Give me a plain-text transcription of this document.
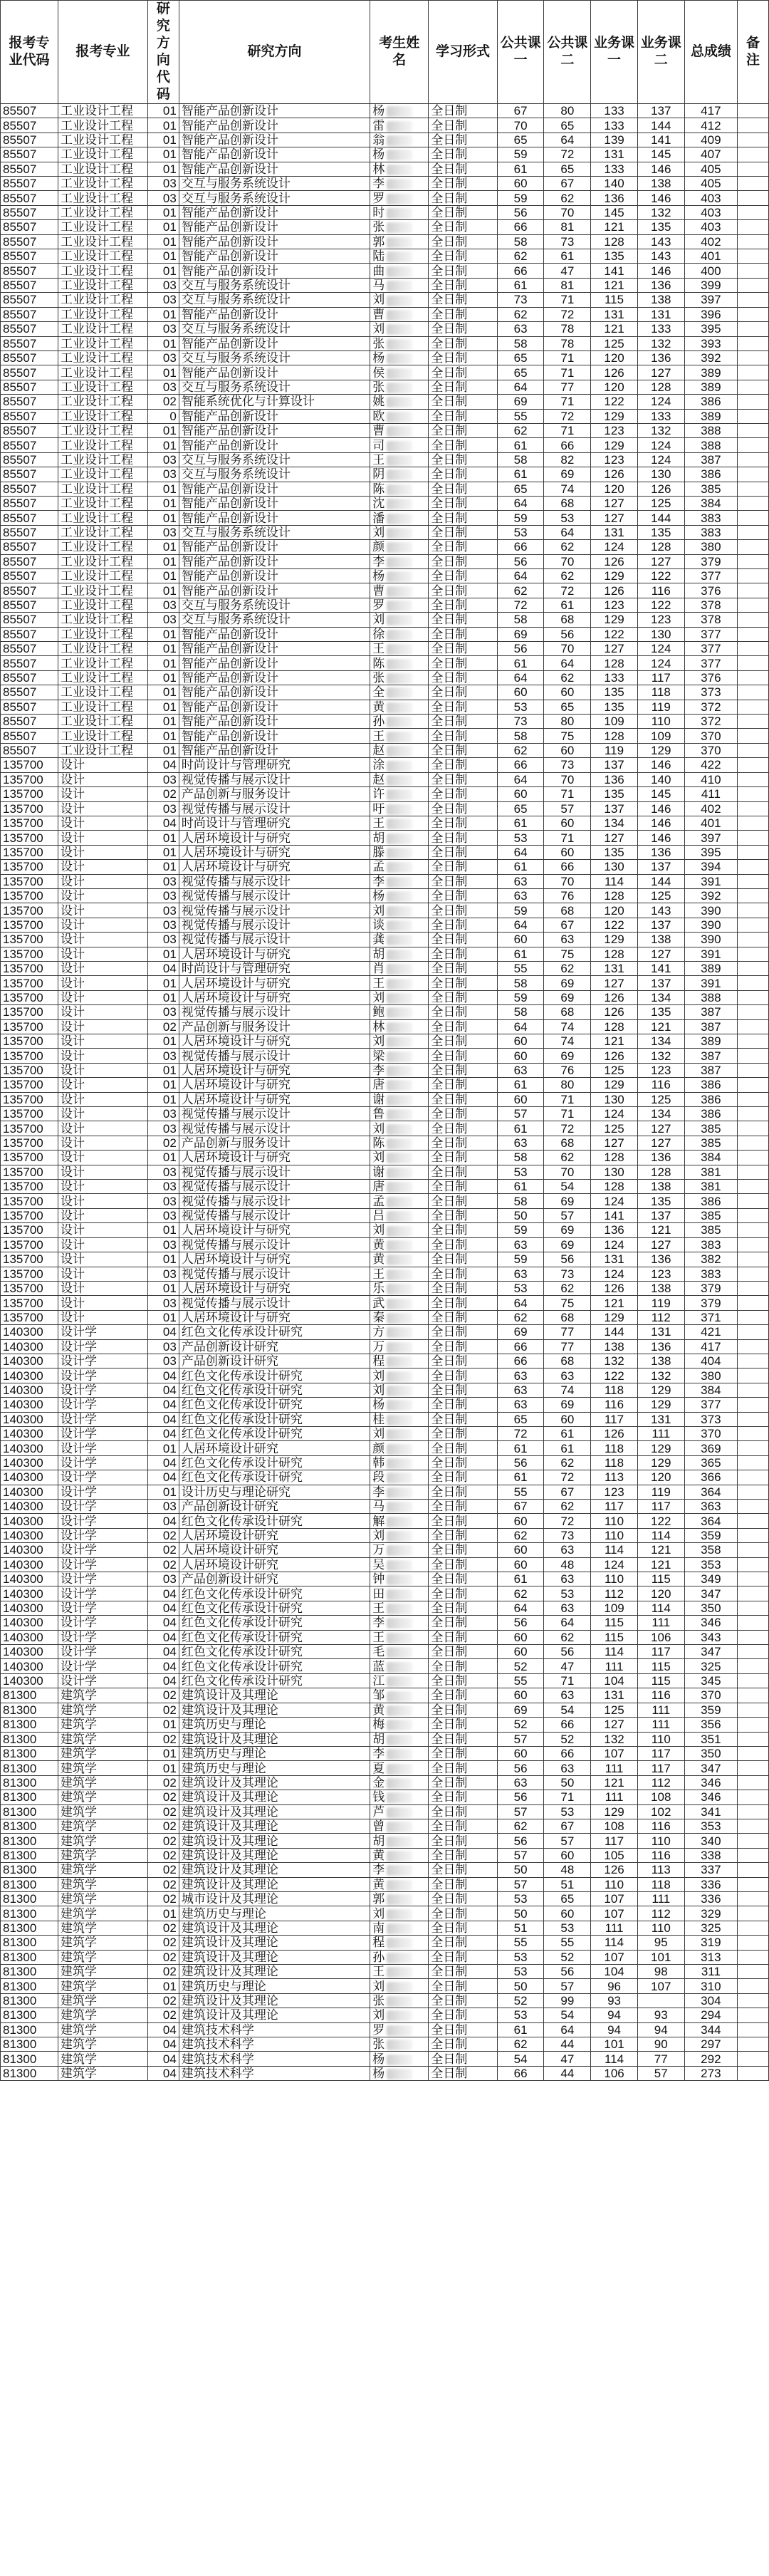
报考专业代码	报考专业	研究方向代码	研究方向	考生姓名	学习形式	公共课一	公共课二	业务课一	业务课二	总成绩	备注
85507	工业设计工程	01	智能产品创新设计	杨	全日制	67	80	133	137	417	
85507	工业设计工程	01	智能产品创新设计	雷	全日制	70	65	133	144	412	
85507	工业设计工程	01	智能产品创新设计	翁	全日制	65	64	139	141	409	
85507	工业设计工程	01	智能产品创新设计	杨	全日制	59	72	131	145	407	
85507	工业设计工程	01	智能产品创新设计	林	全日制	61	65	133	146	405	
85507	工业设计工程	03	交互与服务系统设计	李	全日制	60	67	140	138	405	
85507	工业设计工程	03	交互与服务系统设计	罗	全日制	59	62	136	146	403	
85507	工业设计工程	01	智能产品创新设计	时	全日制	56	70	145	132	403	
85507	工业设计工程	01	智能产品创新设计	张	全日制	66	81	121	135	403	
85507	工业设计工程	01	智能产品创新设计	郭	全日制	58	73	128	143	402	
85507	工业设计工程	01	智能产品创新设计	陆	全日制	62	61	135	143	401	
85507	工业设计工程	01	智能产品创新设计	曲	全日制	66	47	141	146	400	
85507	工业设计工程	03	交互与服务系统设计	马	全日制	61	81	121	136	399	
85507	工业设计工程	03	交互与服务系统设计	刘	全日制	73	71	115	138	397	
85507	工业设计工程	01	智能产品创新设计	曹	全日制	62	72	131	131	396	
85507	工业设计工程	03	交互与服务系统设计	刘	全日制	63	78	121	133	395	
85507	工业设计工程	01	智能产品创新设计	张	全日制	58	78	125	132	393	
85507	工业设计工程	03	交互与服务系统设计	杨	全日制	65	71	120	136	392	
85507	工业设计工程	01	智能产品创新设计	侯	全日制	65	71	126	127	389	
85507	工业设计工程	03	交互与服务系统设计	张	全日制	64	77	120	128	389	
85507	工业设计工程	02	智能系统优化与计算设计	姚	全日制	69	71	122	124	386	
85507	工业设计工程	0	智能产品创新设计	欧	全日制	55	72	129	133	389	
85507	工业设计工程	01	智能产品创新设计	曹	全日制	62	71	123	132	388	
85507	工业设计工程	01	智能产品创新设计	司	全日制	61	66	129	124	388	
85507	工业设计工程	03	交互与服务系统设计	王	全日制	58	82	123	124	387	
85507	工业设计工程	03	交互与服务系统设计	阴	全日制	61	69	126	130	386	
85507	工业设计工程	01	智能产品创新设计	陈	全日制	65	74	120	126	385	
85507	工业设计工程	01	智能产品创新设计	沈	全日制	64	68	127	125	384	
85507	工业设计工程	01	智能产品创新设计	潘	全日制	59	53	127	144	383	
85507	工业设计工程	03	交互与服务系统设计	刘	全日制	53	64	131	135	383	
85507	工业设计工程	01	智能产品创新设计	颜	全日制	66	62	124	128	380	
85507	工业设计工程	01	智能产品创新设计	李	全日制	56	70	126	127	379	
85507	工业设计工程	01	智能产品创新设计	杨	全日制	64	62	129	122	377	
85507	工业设计工程	01	智能产品创新设计	曹	全日制	62	72	126	116	376	
85507	工业设计工程	03	交互与服务系统设计	罗	全日制	72	61	123	122	378	
85507	工业设计工程	03	交互与服务系统设计	刘	全日制	58	68	129	123	378	
85507	工业设计工程	01	智能产品创新设计	徐	全日制	69	56	122	130	377	
85507	工业设计工程	01	智能产品创新设计	王	全日制	56	70	127	124	377	
85507	工业设计工程	01	智能产品创新设计	陈	全日制	61	64	128	124	377	
85507	工业设计工程	01	智能产品创新设计	张	全日制	64	62	133	117	376	
85507	工业设计工程	01	智能产品创新设计	全	全日制	60	60	135	118	373	
85507	工业设计工程	01	智能产品创新设计	黄	全日制	53	65	135	119	372	
85507	工业设计工程	01	智能产品创新设计	孙	全日制	73	80	109	110	372	
85507	工业设计工程	01	智能产品创新设计	王	全日制	58	75	128	109	370	
85507	工业设计工程	01	智能产品创新设计	赵	全日制	62	60	119	129	370	
135700	设计	04	时尚设计与管理研究	涂	全日制	66	73	137	146	422	
135700	设计	03	视觉传播与展示设计	赵	全日制	64	70	136	140	410	
135700	设计	02	产品创新与服务设计	许	全日制	60	71	135	145	411	
135700	设计	03	视觉传播与展示设计	吁	全日制	65	57	137	146	402	
135700	设计	04	时尚设计与管理研究	王	全日制	61	60	134	146	401	
135700	设计	01	人居环境设计与研究	胡	全日制	53	71	127	146	397	
135700	设计	01	人居环境设计与研究	滕	全日制	64	60	135	136	395	
135700	设计	01	人居环境设计与研究	孟	全日制	61	66	130	137	394	
135700	设计	03	视觉传播与展示设计	李	全日制	63	70	114	144	391	
135700	设计	03	视觉传播与展示设计	杨	全日制	63	76	128	125	392	
135700	设计	03	视觉传播与展示设计	刘	全日制	59	68	120	143	390	
135700	设计	03	视觉传播与展示设计	谈	全日制	64	67	122	137	390	
135700	设计	03	视觉传播与展示设计	龚	全日制	60	63	129	138	390	
135700	设计	01	人居环境设计与研究	胡	全日制	61	75	128	127	391	
135700	设计	04	时尚设计与管理研究	肖	全日制	55	62	131	141	389	
135700	设计	01	人居环境设计与研究	王	全日制	58	69	127	137	391	
135700	设计	01	人居环境设计与研究	刘	全日制	59	69	126	134	388	
135700	设计	03	视觉传播与展示设计	鲍	全日制	58	68	126	135	387	
135700	设计	02	产品创新与服务设计	林	全日制	64	74	128	121	387	
135700	设计	01	人居环境设计与研究	刘	全日制	60	74	121	134	389	
135700	设计	03	视觉传播与展示设计	梁	全日制	60	69	126	132	387	
135700	设计	01	人居环境设计与研究	李	全日制	63	76	125	123	387	
135700	设计	01	人居环境设计与研究	唐	全日制	61	80	129	116	386	
135700	设计	01	人居环境设计与研究	谢	全日制	60	71	130	125	386	
135700	设计	03	视觉传播与展示设计	鲁	全日制	57	71	124	134	386	
135700	设计	03	视觉传播与展示设计	刘	全日制	61	72	125	127	385	
135700	设计	02	产品创新与服务设计	陈	全日制	63	68	127	127	385	
135700	设计	01	人居环境设计与研究	刘	全日制	58	62	128	136	384	
135700	设计	03	视觉传播与展示设计	谢	全日制	53	70	130	128	381	
135700	设计	03	视觉传播与展示设计	唐	全日制	61	54	128	138	381	
135700	设计	03	视觉传播与展示设计	孟	全日制	58	69	124	135	386	
135700	设计	03	视觉传播与展示设计	吕	全日制	50	57	141	137	385	
135700	设计	01	人居环境设计与研究	刘	全日制	59	69	136	121	385	
135700	设计	03	视觉传播与展示设计	黄	全日制	63	69	124	127	383	
135700	设计	01	人居环境设计与研究	黄	全日制	59	56	131	136	382	
135700	设计	03	视觉传播与展示设计	王	全日制	63	73	124	123	383	
135700	设计	01	人居环境设计与研究	乐	全日制	53	62	126	138	379	
135700	设计	03	视觉传播与展示设计	武	全日制	64	75	121	119	379	
135700	设计	01	人居环境设计与研究	秦	全日制	62	68	129	112	371	
140300	设计学	04	红色文化传承设计研究	方	全日制	69	77	144	131	421	
140300	设计学	03	产品创新设计研究	万	全日制	66	77	138	136	417	
140300	设计学	03	产品创新设计研究	程	全日制	66	68	132	138	404	
140300	设计学	04	红色文化传承设计研究	刘	全日制	63	63	122	132	380	
140300	设计学	04	红色文化传承设计研究	刘	全日制	63	74	118	129	384	
140300	设计学	04	红色文化传承设计研究	杨	全日制	63	69	116	129	377	
140300	设计学	04	红色文化传承设计研究	桂	全日制	65	60	117	131	373	
140300	设计学	04	红色文化传承设计研究	刘	全日制	72	61	126	111	370	
140300	设计学	01	人居环境设计研究	颜	全日制	61	61	118	129	369	
140300	设计学	04	红色文化传承设计研究	韩	全日制	56	62	118	129	365	
140300	设计学	04	红色文化传承设计研究	段	全日制	61	72	113	120	366	
140300	设计学	01	设计历史与理论研究	李	全日制	55	67	123	119	364	
140300	设计学	03	产品创新设计研究	马	全日制	67	62	117	117	363	
140300	设计学	04	红色文化传承设计研究	解	全日制	60	72	110	122	364	
140300	设计学	02	人居环境设计研究	刘	全日制	62	73	110	114	359	
140300	设计学	02	人居环境设计研究	万	全日制	60	63	114	121	358	
140300	设计学	02	人居环境设计研究	吴	全日制	60	48	124	121	353	
140300	设计学	03	产品创新设计研究	钟	全日制	61	63	110	115	349	
140300	设计学	04	红色文化传承设计研究	田	全日制	62	53	112	120	347	
140300	设计学	04	红色文化传承设计研究	王	全日制	64	63	109	114	350	
140300	设计学	04	红色文化传承设计研究	李	全日制	56	64	115	111	346	
140300	设计学	04	红色文化传承设计研究	王	全日制	60	62	115	106	343	
140300	设计学	04	红色文化传承设计研究	毛	全日制	60	56	114	117	347	
140300	设计学	04	红色文化传承设计研究	蓝	全日制	52	47	111	115	325	
140300	设计学	04	红色文化传承设计研究	江	全日制	55	71	104	115	345	
81300	建筑学	02	建筑设计及其理论	邹	全日制	60	63	131	116	370	
81300	建筑学	02	建筑设计及其理论	黄	全日制	69	54	125	111	359	
81300	建筑学	01	建筑历史与理论	梅	全日制	52	66	127	111	356	
81300	建筑学	02	建筑设计及其理论	胡	全日制	57	52	132	110	351	
81300	建筑学	01	建筑历史与理论	李	全日制	60	66	107	117	350	
81300	建筑学	01	建筑历史与理论	夏	全日制	56	63	111	117	347	
81300	建筑学	02	建筑设计及其理论	金	全日制	63	50	121	112	346	
81300	建筑学	02	建筑设计及其理论	钱	全日制	56	71	111	108	346	
81300	建筑学	02	建筑设计及其理论	芦	全日制	57	53	129	102	341	
81300	建筑学	02	建筑设计及其理论	曾	全日制	62	67	108	116	353	
81300	建筑学	02	建筑设计及其理论	胡	全日制	56	57	117	110	340	
81300	建筑学	02	建筑设计及其理论	黄	全日制	57	60	105	116	338	
81300	建筑学	02	建筑设计及其理论	李	全日制	50	48	126	113	337	
81300	建筑学	02	建筑设计及其理论	黄	全日制	57	51	110	118	336	
81300	建筑学	02	城市设计及其理论	郭	全日制	53	65	107	111	336	
81300	建筑学	01	建筑历史与理论	刘	全日制	50	60	107	112	329	
81300	建筑学	02	建筑设计及其理论	南	全日制	51	53	111	110	325	
81300	建筑学	02	建筑设计及其理论	程	全日制	55	55	114	95	319	
81300	建筑学	02	建筑设计及其理论	孙	全日制	53	52	107	101	313	
81300	建筑学	02	建筑设计及其理论	王	全日制	53	56	104	98	311	
81300	建筑学	01	建筑历史与理论	刘	全日制	50	57	96	107	310	
81300	建筑学	02	建筑设计及其理论	张	全日制	52	99	93		304	
81300	建筑学	02	建筑设计及其理论	刘	全日制	53	54	94	93	294	
81300	建筑学	04	建筑技术科学	罗	全日制	61	64	94	94	344	
81300	建筑学	04	建筑技术科学	张	全日制	62	44	101	90	297	
81300	建筑学	04	建筑技术科学	杨	全日制	54	47	114	77	292	
81300	建筑学	04	建筑技术科学	杨	全日制	66	44	106	57	273	
